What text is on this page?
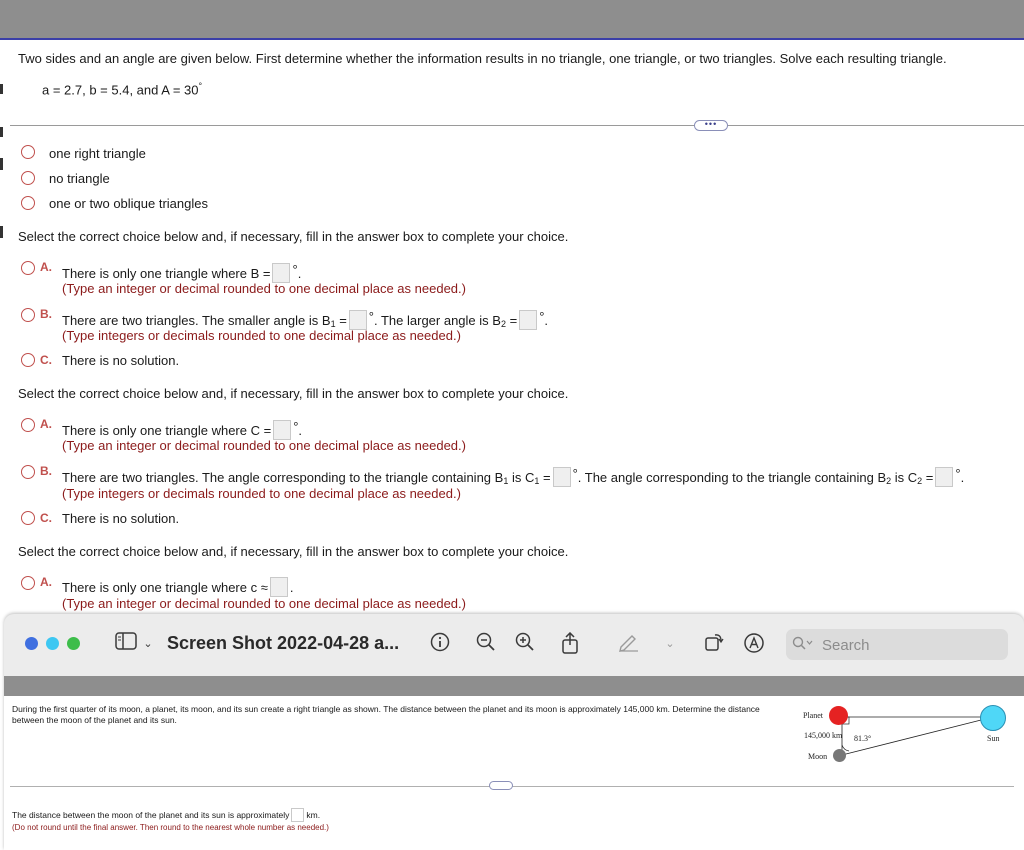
Two sides and an angle are given below. First determine whether the information results in no triangle, one triangle, or two triangles. Solve each resulting triangle.
a = 2.7, b = 5.4, and A = 30°
•••
one right triangle
no triangle
one or two oblique triangles
Select the correct choice below and, if necessary, fill in the answer box to complete your choice.
A. There is only one triangle where B = °.
(Type an integer or decimal rounded to one decimal place as needed.)
B. There are two triangles. The smaller angle is $B_1$ = °. The larger angle is $B_2$ = °.
(Type integers or decimals rounded to one decimal place as needed.)
C. There is no solution.
Select the correct choice below and, if necessary, fill in the answer box to complete your choice.
A. There is only one triangle where C = °.
(Type an integer or decimal rounded to one decimal place as needed.)
B. There are two triangles. The angle corresponding to the triangle containing $B_1$ is $C_1$ = °. The angle corresponding to the triangle containing $B_2$ is $C_2$ = °.
(Type integers or decimals rounded to one decimal place as needed.)
C. There is no solution.
Select the correct choice below and, if necessary, fill in the answer box to complete your choice.
A. There is only one triangle where c ≈ .
(Type an integer or decimal rounded to one decimal place as needed.)
⌄ Screen Shot 2022-04-28 a...	⌄	Search
During the first quarter of its moon, a planet, its moon, and its sun create a right triangle as shown. The distance between the planet and its moon is approximately 145,000 km. Determine the distance between the moon of the planet and its sun.	Planet
Sun
Moon
145,000 km 81.3°
The distance between the moon of the planet and its sun is approximately km.
(Do not round until the final answer. Then round to the nearest whole number as needed.)
